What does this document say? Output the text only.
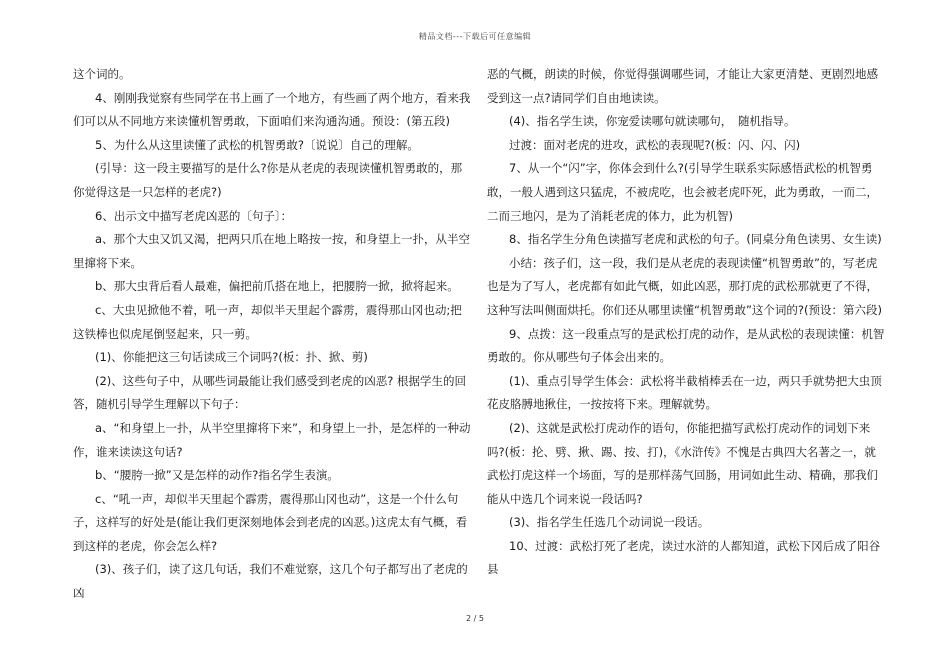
精品文档---下载后可任意编辑

这个词的。

4、刚刚我觉察有些同学在书上画了一个地方，有些画了两个地方，看来我们可以从不同地方来读懂机智勇敢，下面咱们来沟通沟通。预设：(第五段)

5、为什么从这里读懂了武松的机智勇敢?〔说说〕自己的理解。

(引导：这一段主要描写的是什么?你是从老虎的表现读懂机智勇敢的，那你觉得这是一只怎样的老虎?)

6、出示文中描写老虎凶恶的〔句子〕：

a、那个大虫又饥又渴，把两只爪在地上略按一按，和身望上一扑，从半空里撺将下来。

b、那大虫背后看人最难，偏把前爪搭在地上，把腰胯一掀，掀将起来。

c、大虫见掀他不着，吼一声，却似半天里起个霹雳，震得那山冈也动;把这铁棒也似虎尾倒竖起来，只一剪。

(1)、你能把这三句话读成三个词吗?(板：扑、掀、剪)

(2)、这些句子中，从哪些词最能让我们感受到老虎的凶恶? 根据学生的回答，随机引导学生理解以下句子：

a、“和身望上一扑，从半空里撺将下来”，和身望上一扑，是怎样的一种动作，谁来读读这句话?

b、“腰胯一掀”又是怎样的动作?指名学生表演。

c、“吼一声，却似半天里起个霹雳，震得那山冈也动”，这是一个什么句子，这样写的好处是(能让我们更深刻地体会到老虎的凶恶。)这虎太有气概，看到这样的老虎，你会怎么样?

(3)、孩子们，读了这几句话，我们不难觉察，这几个句子都写出了老虎的凶

恶的气概，朗读的时候，你觉得强调哪些词，才能让大家更清楚、更剧烈地感受到这一点?请同学们自由地读读。

(4)、指名学生读，你宠爱读哪句就读哪句，　随机指导。

过渡：面对老虎的进攻，武松的表现呢?(板：闪、闪、闪)

7、从一个“闪”字，你体会到什么?(引导学生联系实际感悟武松的机智勇敢，一般人遇到这只猛虎，不被虎吃，也会被老虎吓死，此为勇敢，一而二，二而三地闪，是为了消耗老虎的体力，此为机智)

8、指名学生分角色读描写老虎和武松的句子。(同桌分角色读男、女生读)

小结：孩子们，这一段，我们是从老虎的表现读懂“机智勇敢”的，写老虎也是为了写人，老虎都有如此气概，如此凶恶，那打虎的武松那就更了不得，这种写法叫侧面烘托。你们还从哪里读懂“机智勇敢”这个词的?(预设：第六段)

9、点拨：这一段重点写的是武松打虎的动作，是从武松的表现读懂：机智勇敢的。你从哪些句子体会出来的。

(1)、重点引导学生体会：武松将半截梢棒丢在一边，两只手就势把大虫顶花皮胳膊地揪住，一按按将下来。理解就势。

(2)、这就是武松打虎动作的语句，你能把描写武松打虎动作的词划下来吗?(板：抡、劈、揪、踢、按、打)，《水浒传》不愧是古典四大名著之一，就武松打虎这样一个场面，写的是那样荡气回肠，用词如此生动、精确，那我们能从中选几个词来说一段话吗?

(3)、指名学生任选几个动词说一段话。

10、过渡：武松打死了老虎，读过水浒的人都知道，武松下冈后成了阳谷县

2 / 5
